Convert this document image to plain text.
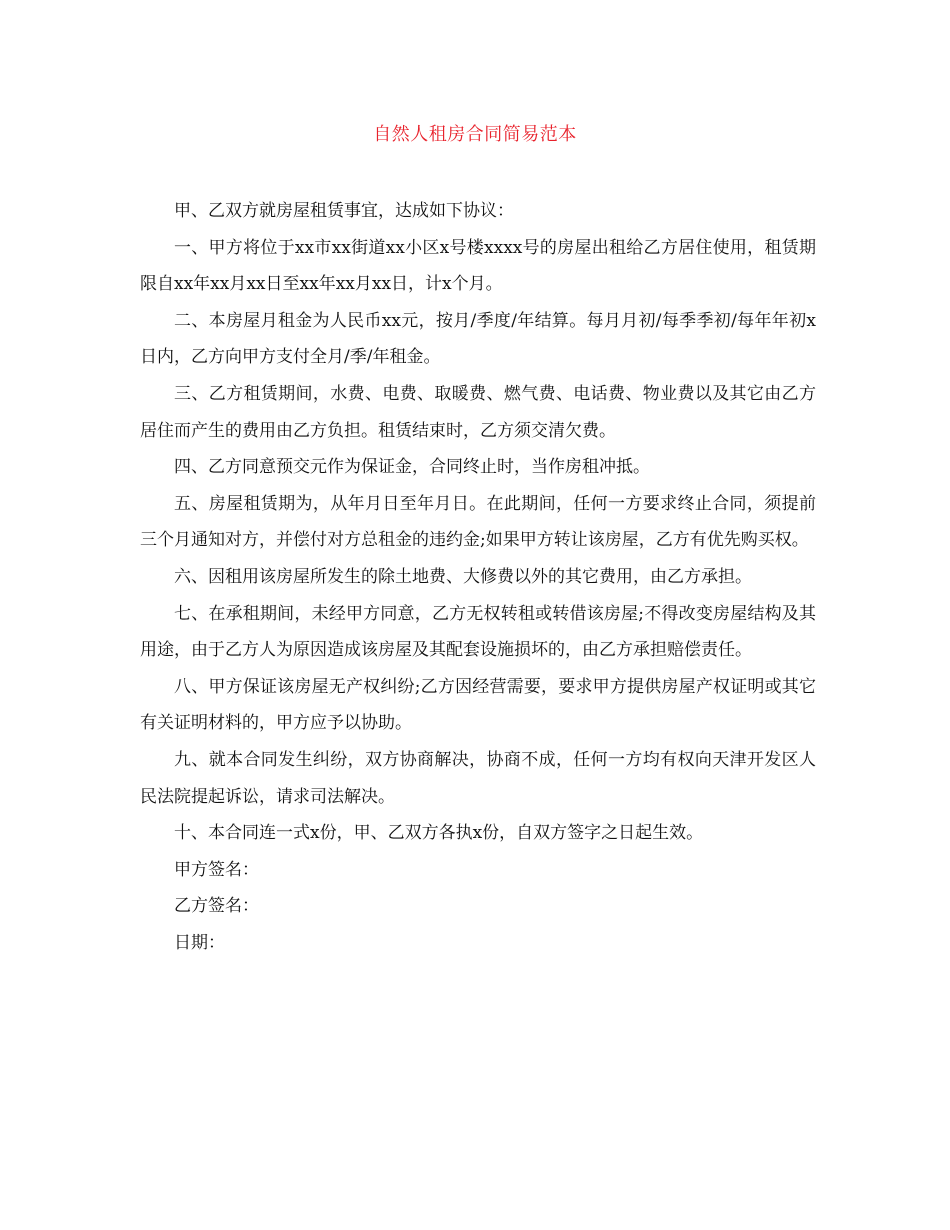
自然人租房合同简易范本

甲、乙双方就房屋租赁事宜，达成如下协议：

一、甲方将位于xx市xx街道xx小区x号楼xxxx号的房屋出租给乙方居住使用，租赁期限自xx年xx月xx日至xx年xx月xx日，计x个月。

二、本房屋月租金为人民币xx元，按月/季度/年结算。每月月初/每季季初/每年年初x日内，乙方向甲方支付全月/季/年租金。

三、乙方租赁期间，水费、电费、取暖费、燃气费、电话费、物业费以及其它由乙方居住而产生的费用由乙方负担。租赁结束时，乙方须交清欠费。

四、乙方同意预交元作为保证金，合同终止时，当作房租冲抵。

五、房屋租赁期为，从年月日至年月日。在此期间，任何一方要求终止合同，须提前三个月通知对方，并偿付对方总租金的违约金;如果甲方转让该房屋，乙方有优先购买权。

六、因租用该房屋所发生的除土地费、大修费以外的其它费用，由乙方承担。

七、在承租期间，未经甲方同意，乙方无权转租或转借该房屋;不得改变房屋结构及其用途，由于乙方人为原因造成该房屋及其配套设施损坏的，由乙方承担赔偿责任。

八、甲方保证该房屋无产权纠纷;乙方因经营需要，要求甲方提供房屋产权证明或其它有关证明材料的，甲方应予以协助。

九、就本合同发生纠纷，双方协商解决，协商不成，任何一方均有权向天津开发区人民法院提起诉讼，请求司法解决。

十、本合同连一式x份，甲、乙双方各执x份，自双方签字之日起生效。

甲方签名：

乙方签名：

日期：
